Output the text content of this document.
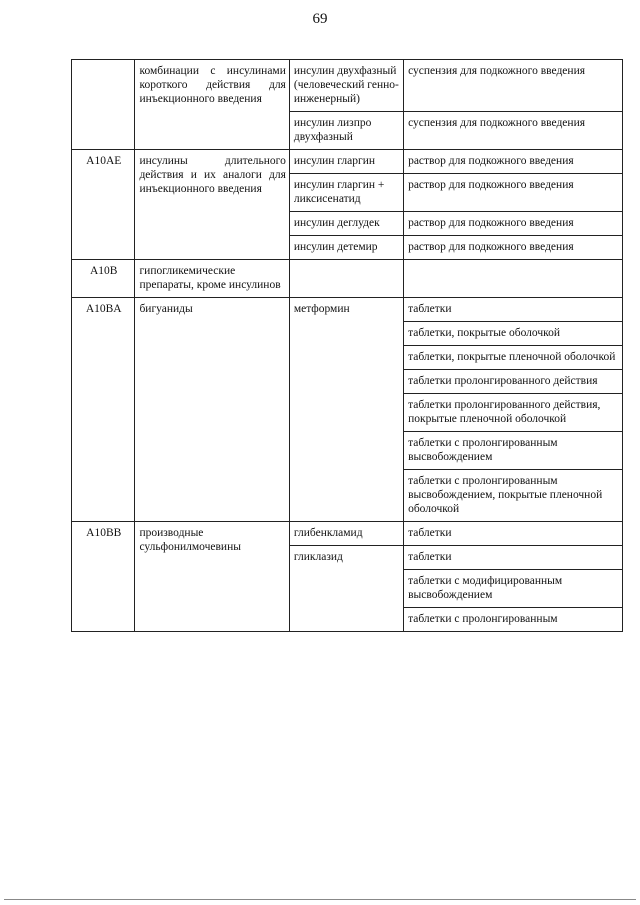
69
	комбинации с инсулинами короткого действия для инъекционного введения	инсулин двухфазный (человеческий генно-инженерный)	суспензия для подкожного введения
		инсулин лизпро двухфазный	суспензия для подкожного введения
A10AE	инсулины длительного действия и их аналоги для инъекционного введения	инсулин гларгин	раствор для подкожного введения
		инсулин гларгин + ликсисенатид	раствор для подкожного введения
		инсулин деглудек	раствор для подкожного введения
		инсулин детемир	раствор для подкожного введения
A10B	гипогликемические препараты, кроме инсулинов		
A10BA	бигуаниды	метформин	таблетки
			таблетки, покрытые оболочкой
			таблетки, покрытые пленочной оболочкой
			таблетки пролонгированного действия
			таблетки пролонгированного действия, покрытые пленочной оболочкой
			таблетки с пролонгированным высвобождением
			таблетки с пролонгированным высвобождением, покрытые пленочной оболочкой
A10BB	производные сульфонилмочевины	глибенкламид	таблетки
		гликлазид	таблетки
			таблетки с модифицированным высвобождением
			таблетки с пролонгированным
